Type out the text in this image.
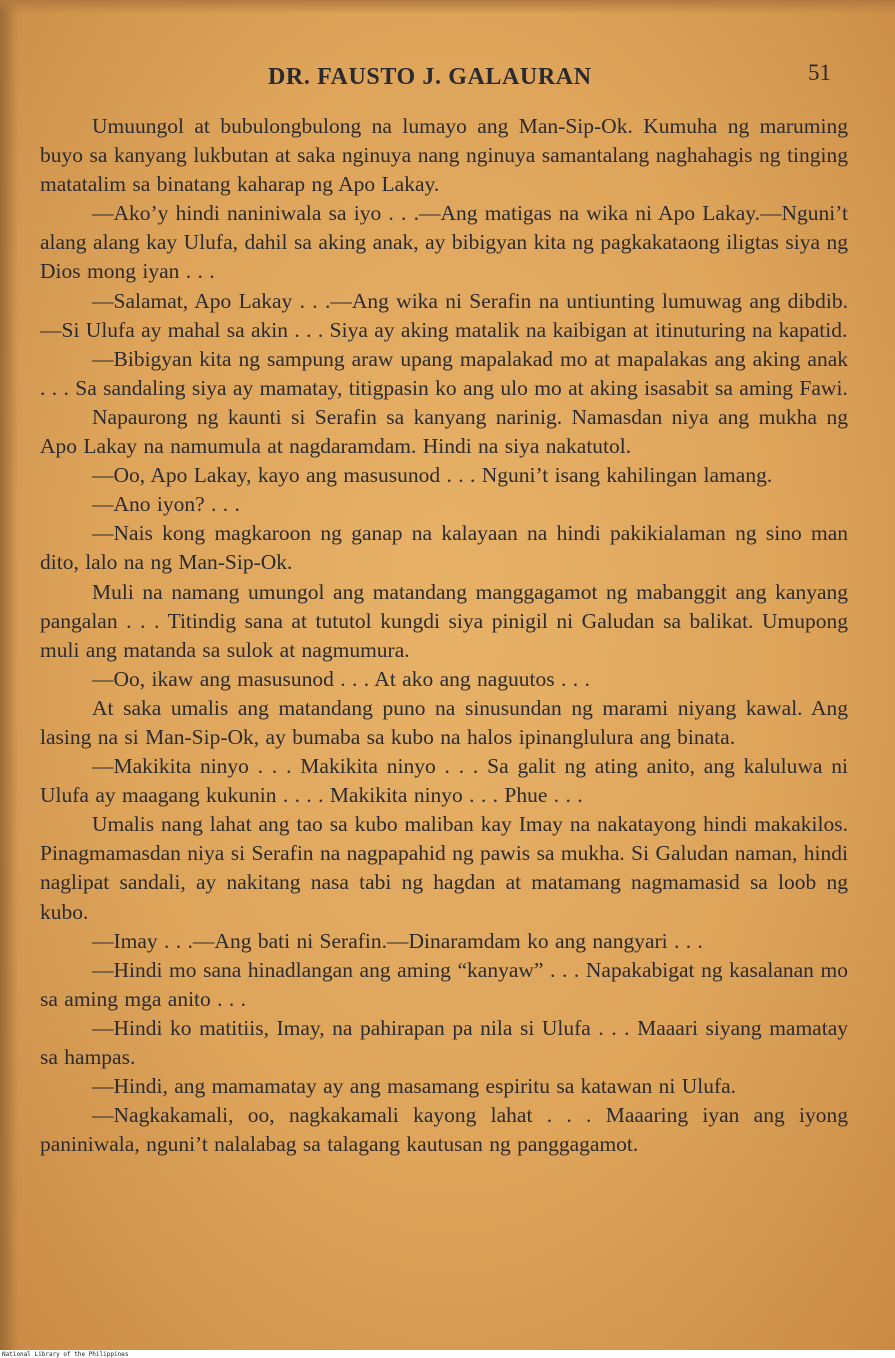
DR. FAUSTO J. GALAURAN	51

Umuungol at bubulongbulong na lumayo ang Man-Sip-Ok. Kumuha ng maruming buyo sa kanyang lukbutan at saka nginuya nang nginuya samantalang naghahagis ng tinging matatalim sa binatang kaharap ng Apo Lakay.

—Ako’y hindi naniniwala sa iyo . . .—Ang matigas na wika ni Apo Lakay.—Nguni’t alang alang kay Ulufa, dahil sa aking anak, ay bibigyan kita ng pagkakataong iligtas siya ng Dios mong iyan . . .

—Salamat, Apo Lakay . . .—Ang wika ni Serafin na untiunting lumuwag ang dibdib.—Si Ulufa ay mahal sa akin . . . Siya ay aking matalik na kaibigan at itinuturing na kapatid.

—Bibigyan kita ng sampung araw upang mapalakad mo at mapalakas ang aking anak . . . Sa sandaling siya ay mamatay, titigpasin ko ang ulo mo at aking isasabit sa aming Fawi.

Napaurong ng kaunti si Serafin sa kanyang narinig. Namasdan niya ang mukha ng Apo Lakay na namumula at nagdaramdam. Hindi na siya nakatutol.

—Oo, Apo Lakay, kayo ang masusunod . . . Nguni’t isang kahilingan lamang.

—Ano iyon? . . .

—Nais kong magkaroon ng ganap na kalayaan na hindi pakikialaman ng sino man dito, lalo na ng Man-Sip-Ok.

Muli na namang umungol ang matandang manggagamot ng mabanggit ang kanyang pangalan . . . Titindig sana at tututol kungdi siya pinigil ni Galudan sa balikat. Umupong muli ang matanda sa sulok at nagmumura.

—Oo, ikaw ang masusunod . . . At ako ang naguutos . . .

At saka umalis ang matandang puno na sinusundan ng marami niyang kawal. Ang lasing na si Man-Sip-Ok, ay bumaba sa kubo na halos ipinanglulura ang binata.

—Makikita ninyo . . . Makikita ninyo . . . Sa galit ng ating anito, ang kaluluwa ni Ulufa ay maagang kukunin . . . . Makikita ninyo . . . Phue . . .

Umalis nang lahat ang tao sa kubo maliban kay Imay na nakatayong hindi makakilos. Pinagmamasdan niya si Serafin na nagpapahid ng pawis sa mukha. Si Galudan naman, hindi naglipat sandali, ay nakitang nasa tabi ng hagdan at matamang nagmamasid sa loob ng kubo.

—Imay . . .—Ang bati ni Serafin.—Dinaramdam ko ang nangyari . . .

—Hindi mo sana hinadlangan ang aming “kanyaw” . . . Napakabigat ng kasalanan mo sa aming mga anito . . .

—Hindi ko matitiis, Imay, na pahirapan pa nila si Ulufa . . . Maaari siyang mamatay sa hampas.

—Hindi, ang mamamatay ay ang masamang espiritu sa katawan ni Ulufa.

—Nagkakamali, oo, nagkakamali kayong lahat . . . Maaaring iyan ang iyong paniniwala, nguni’t nalalabag sa talagang kautusan ng panggagamot.

National Library of the Philippines
